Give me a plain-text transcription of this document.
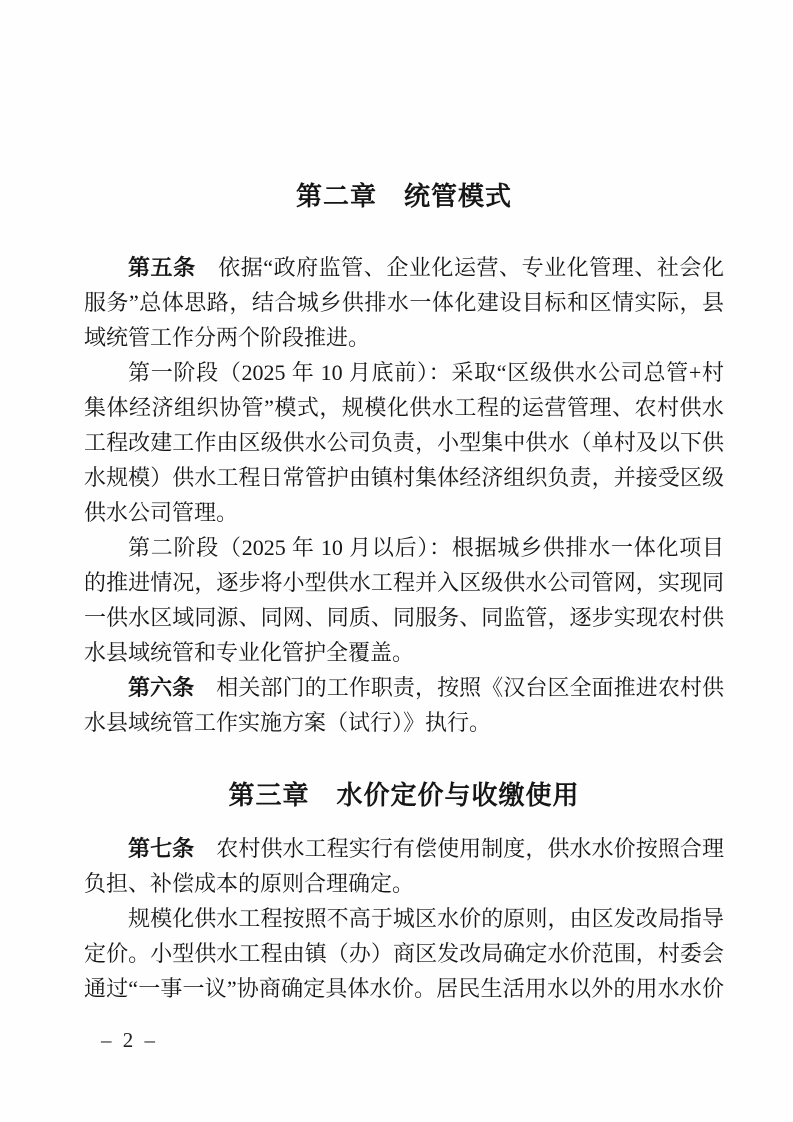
第二章　统管模式

第五条　依据“政府监管、企业化运营、专业化管理、社会化

服务”总体思路，结合城乡供排水一体化建设目标和区情实际，县

域统管工作分两个阶段推进。

第一阶段（2025 年 10 月底前）：采取“区级供水公司总管+村

集体经济组织协管”模式，规模化供水工程的运营管理、农村供水

工程改建工作由区级供水公司负责，小型集中供水（单村及以下供

水规模）供水工程日常管护由镇村集体经济组织负责，并接受区级

供水公司管理。

第二阶段（2025 年 10 月以后）：根据城乡供排水一体化项目

的推进情况，逐步将小型供水工程并入区级供水公司管网，实现同

一供水区域同源、同网、同质、同服务、同监管，逐步实现农村供

水县域统管和专业化管护全覆盖。

第六条　相关部门的工作职责，按照《汉台区全面推进农村供

水县域统管工作实施方案（试行）》执行。

第三章　水价定价与收缴使用

第七条　农村供水工程实行有偿使用制度，供水水价按照合理

负担、补偿成本的原则合理确定。

规模化供水工程按照不高于城区水价的原则，由区发改局指导

定价。小型供水工程由镇（办）商区发改局确定水价范围，村委会

通过“一事一议”协商确定具体水价。居民生活用水以外的用水水价

– 2 –
